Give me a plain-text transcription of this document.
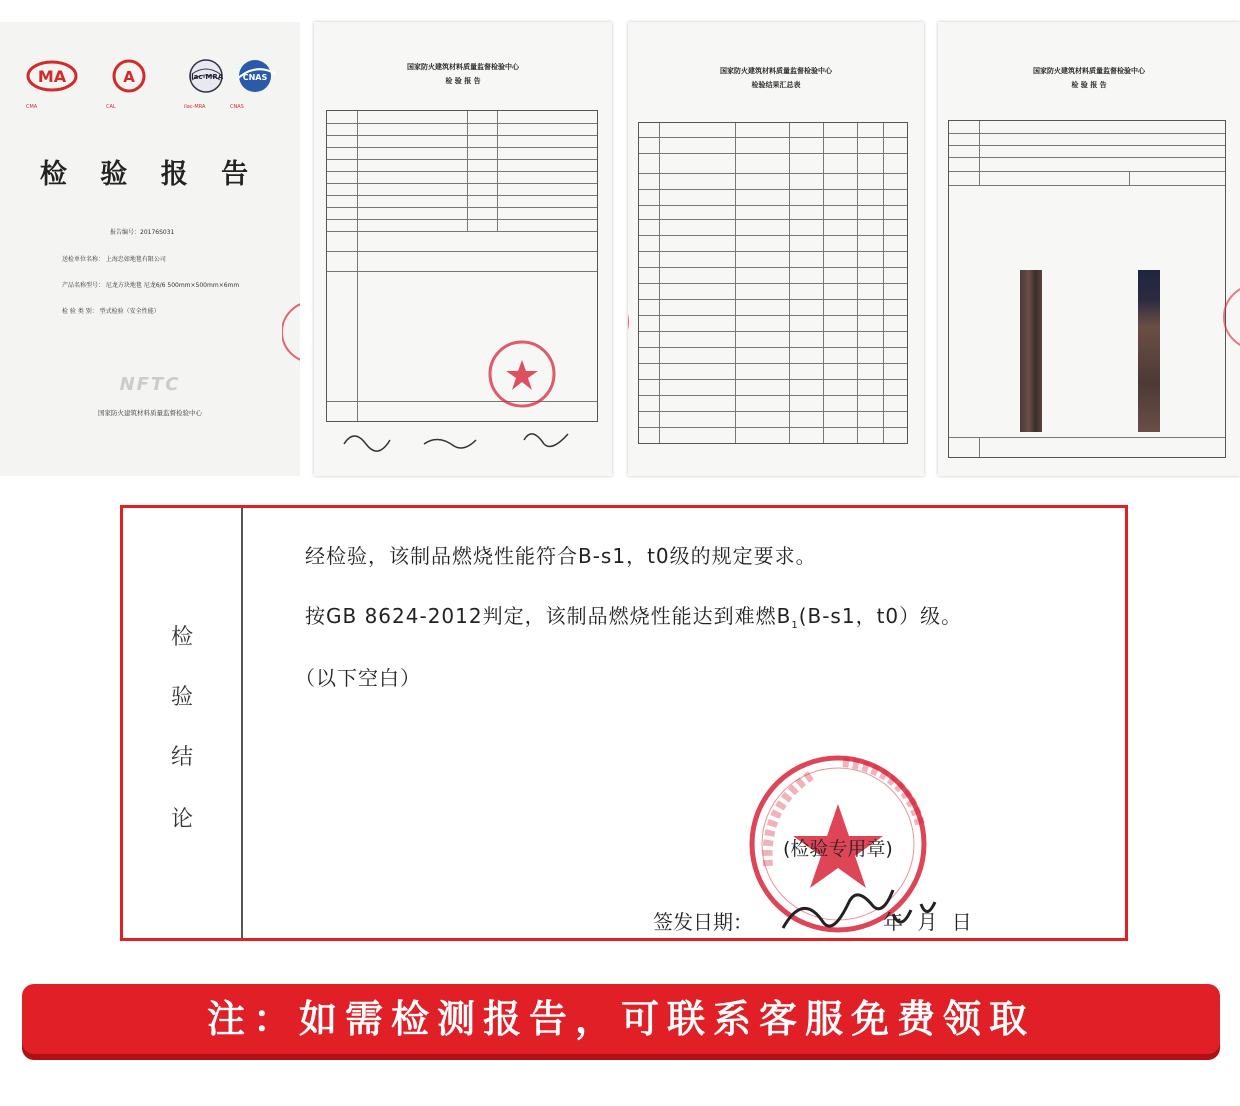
MA	A	ilac-MRA CNAS
CMA	CAL	ilac-MRA	CNAS
检 验 报 告
报告编号：20176S031
送检单位名称： 上海忠如地毯有限公司
产品名称型号： 尼龙方块地毯 尼龙6/6 500mm×500mm×6mm
检 验 类 别： 型式检验（安全性能）
NFTC
国家防火建筑材料质量监督检验中心
国家防火建筑材料质量监督检验中心
检 验 报 告
国家防火建筑材料质量监督检验中心
检验结果汇总表
国家防火建筑材料质量监督检验中心
检 验 报 告
检
验
结
论
经检验，该制品燃烧性能符合B-s1，t0级的规定要求。
按GB 8624-2012判定，该制品燃烧性能达到难燃$B_1(B-s1$，t0）级。
（以下空白）
(检验专用章)
签发日期：	年 月 日
注：如需检测报告，可联系客服免费领取
